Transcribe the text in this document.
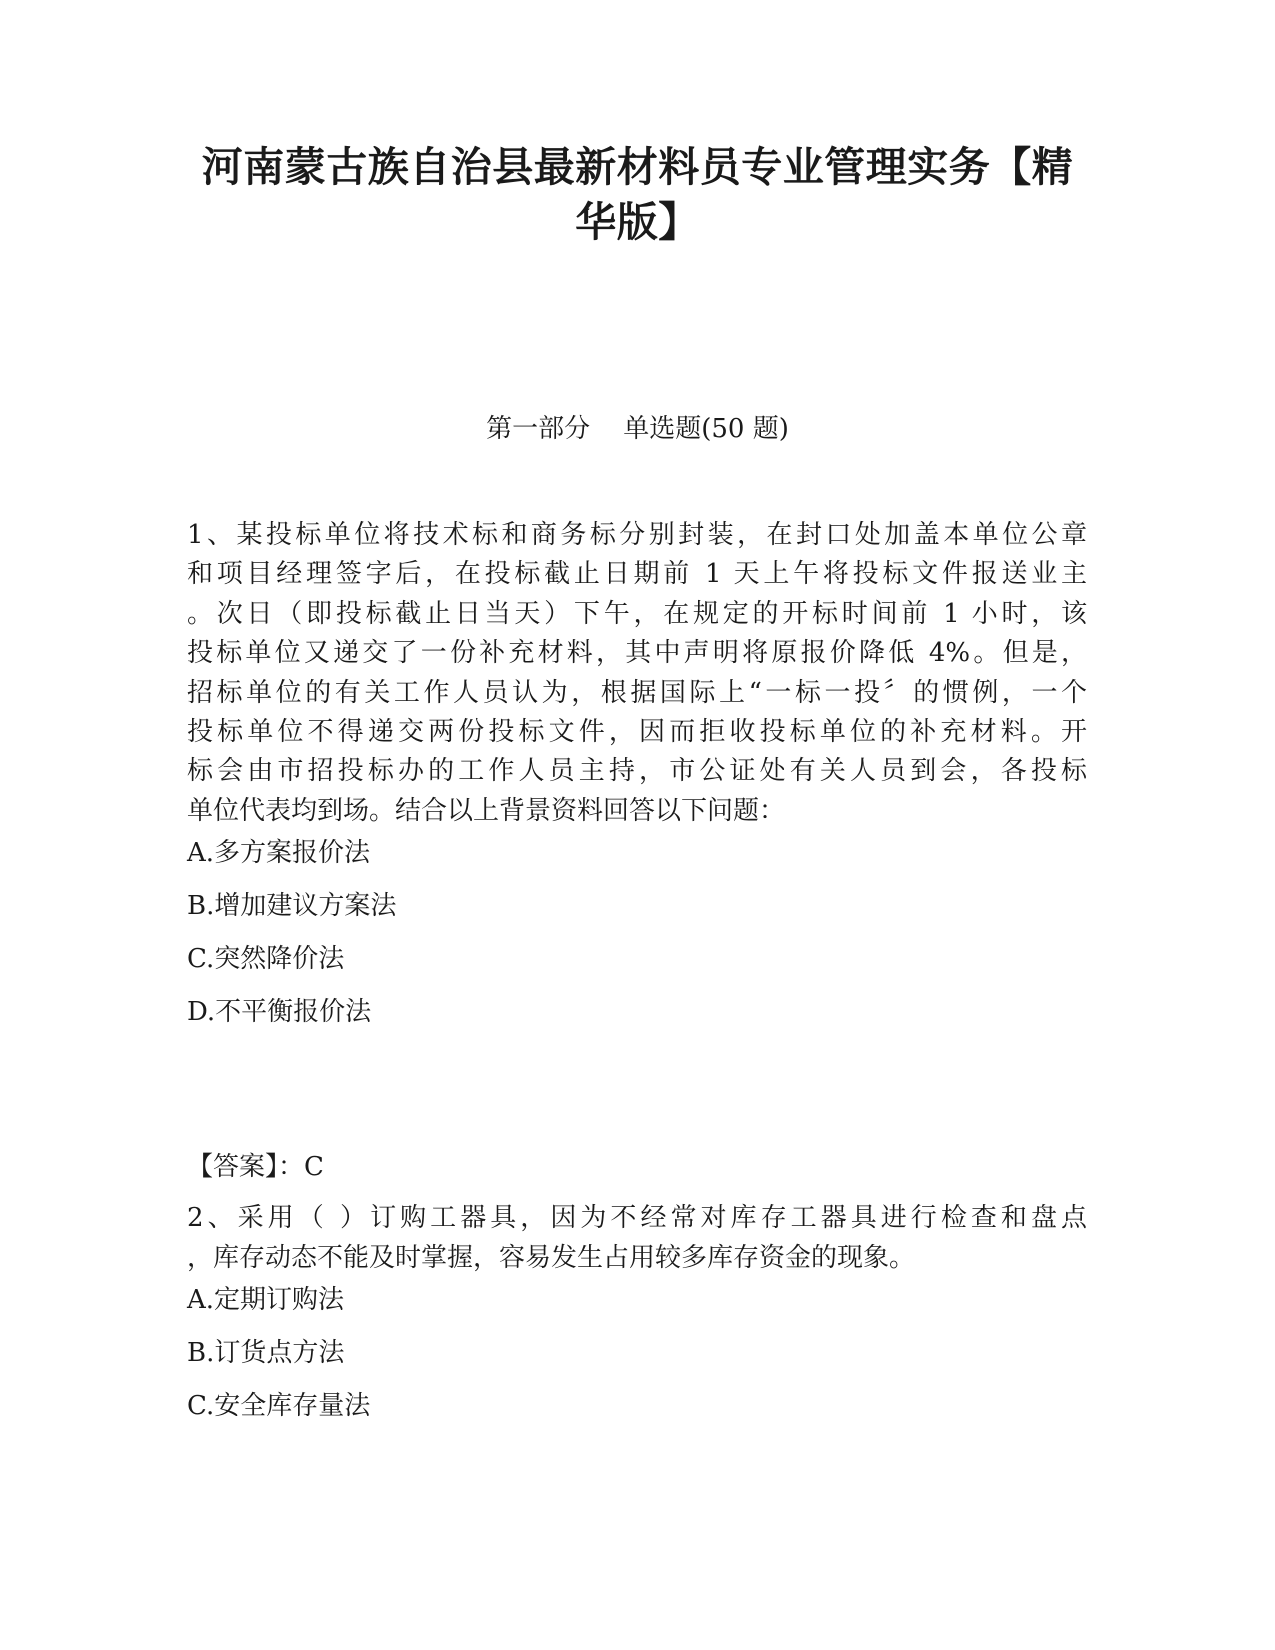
河南蒙古族自治县最新材料员专业管理实务【精
华版】
第一部分    单选题(50 题)
1、某投标单位将技术标和商务标分别封装，在封口处加盖本单位公章
和项目经理签字后，在投标截止日期前 1 天上午将投标文件报送业主
。次日（即投标截止日当天）下午，在规定的开标时间前 1 小时，该
投标单位又递交了一份补充材料，其中声明将原报价降低 4%。但是，
招标单位的有关工作人员认为，根据国际上“一标一投〞的惯例，一个
投标单位不得递交两份投标文件，因而拒收投标单位的补充材料。开
标会由市招投标办的工作人员主持，市公证处有关人员到会，各投标
单位代表均到场。结合以上背景资料回答以下问题：
A.多方案报价法
B.增加建议方案法
C.突然降价法
D.不平衡报价法
【答案】：C
2、采用（ ）订购工器具，因为不经常对库存工器具进行检查和盘点
，库存动态不能及时掌握，容易发生占用较多库存资金的现象。
A.定期订购法
B.订货点方法
C.安全库存量法
